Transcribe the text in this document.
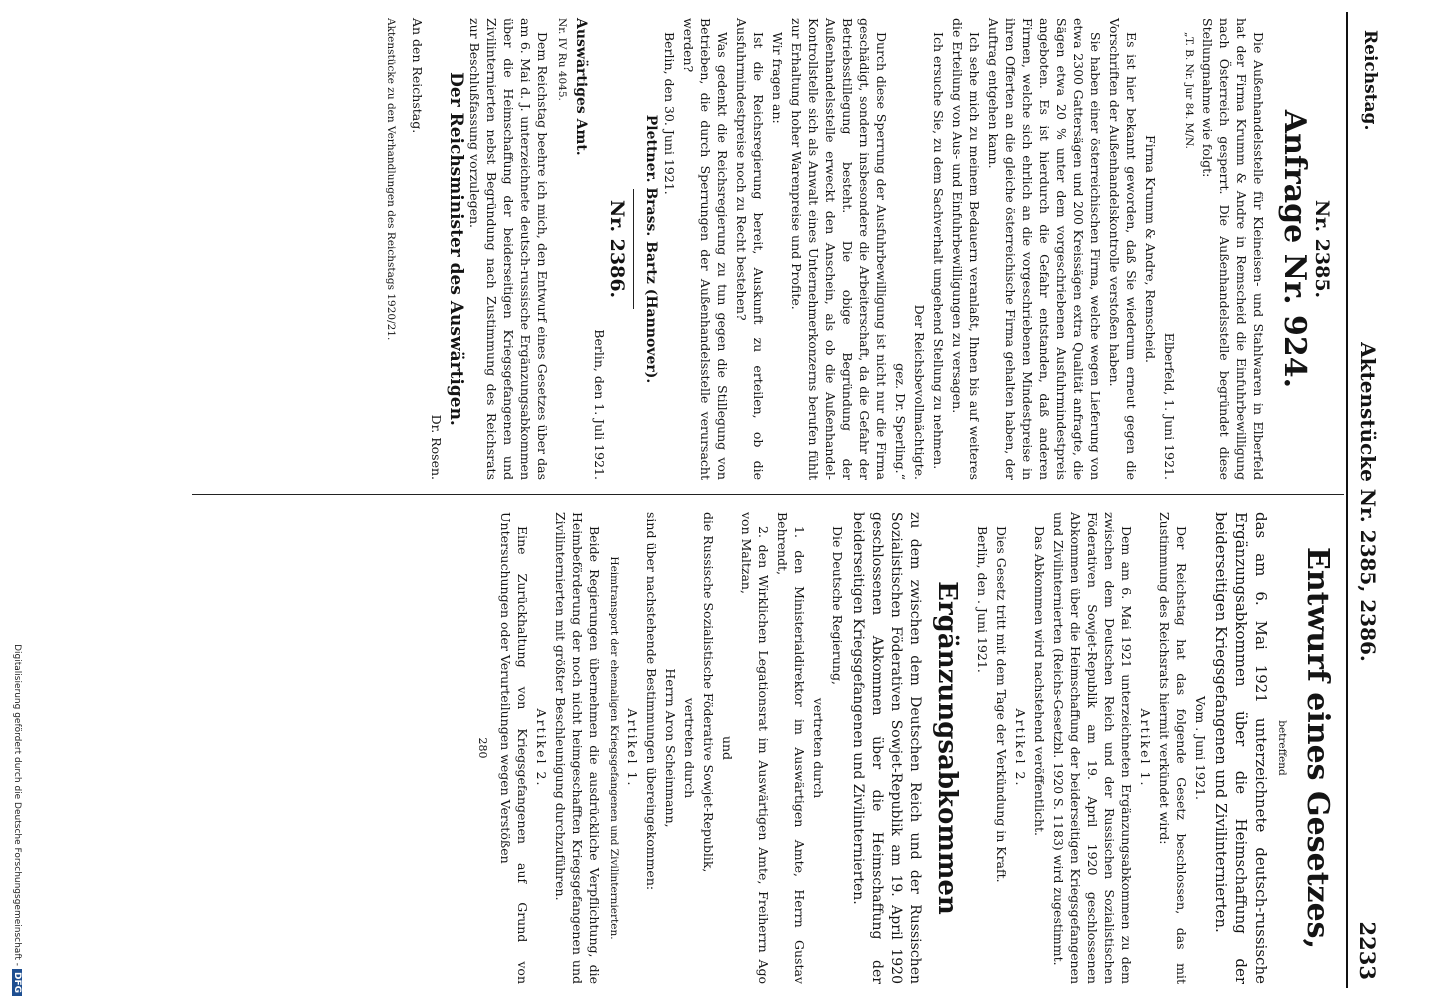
Reichstag.
Aktenstücke Nr. 2385, 2386.
2233

Nr. 2385.

Anfrage Nr. 924.

Die Außenhandelsstelle für Kleineisen- und Stahlwaren in Elberfeld hat der Firma Krumm & Andre in Remscheid die Einfuhrbewilligung nach Österreich gesperrt. Die Außenhandelsstelle begründet diese Stellungnahme wie folgt:

„T. B. Nr. Jur 84. M/N.

Elberfeld, 1. Juni 1921.

Firma Krumm & Andre, Remscheid.

Es ist hier bekannt geworden, daß Sie wiederum erneut gegen die Vorschriften der Außenhandelskontrolle verstoßen haben.

Sie haben einer österreichischen Firma, welche wegen Lieferung von etwa 2300 Gattersägen und 200 Kreissägen extra Qualität anfragte, die Sägen etwa 20 % unter dem vorgeschriebenen Ausfuhrmindestpreis angeboten. Es ist hierdurch die Gefahr entstanden, daß anderen Firmen, welche sich ehrlich an die vorgeschriebenen Mindestpreise in ihren Offerten an die gleiche österreichische Firma gehalten haben, der Auftrag entgehen kann.

Ich sehe mich zu meinem Bedauern veranlaßt, Ihnen bis auf weiteres die Erteilung von Aus- und Einfuhrbewilligungen zu versagen.

Ich ersuche Sie, zu dem Sachverhalt umgehend Stellung zu nehmen.

Der Reichsbevollmächtigte.

gez. Dr. Sperling.“

Durch diese Sperrung der Ausfuhrbewilligung ist nicht nur die Firma geschädigt, sondern insbesondere die Arbeiterschaft, da die Gefahr der Betriebsstillegung besteht. Die obige Begründung der Außenhandelsstelle erweckt den Anschein, als ob die Außenhandel-Kontrollstelle sich als Anwalt eines Unternehmerkonzerns berufen fühlt zur Erhaltung hoher Warenpreise und Profite.

Wir fragen an:

Ist die Reichsregierung bereit, Auskunft zu erteilen, ob die Ausfuhrmindestpreise noch zu Recht bestehen?

Was gedenkt die Reichsregierung zu tun gegen die Stillegung von Betrieben, die durch Sperrungen der Außenhandelsstelle verursacht werden?

Berlin, den 30. Juni 1921.

Plettner. Brass. Bartz (Hannover).

Nr. 2386.

Berlin, den 1. Juli 1921.

Auswärtiges Amt.

Nr. IV Ru 4045.

Dem Reichstag beehre ich mich, den Entwurf eines Gesetzes über das am 6. Mai d. J. unterzeichnete deutsch-russische Ergänzungsabkommen über die Heimschaffung der beiderseitigen Kriegsgefangenen und Zivilinternierten nebst Begründung nach Zustimmung des Reichsrats zur Beschlußfassung vorzulegen.

Der Reichsminister des Auswärtigen.

Dr. Rosen.

An den Reichstag.

Aktenstücke zu den Verhandlungen des Reichstags 1920/21.

Entwurf eines Gesetzes,

betreffend

das am 6. Mai 1921 unterzeichnete deutsch-russische Ergänzungsabkommen über die Heimschaffung der beiderseitigen Kriegsgefangenen und Zivilinternierten.

Vom . Juni 1921.

Der Reichstag hat das folgende Gesetz beschlossen, das mit Zustimmung des Reichsrats hiermit verkündet wird:

Artikel 1.

Dem am 6. Mai 1921 unterzeichneten Ergänzungsabkommen zu dem zwischen dem Deutschen Reich und der Russischen Sozialistischen Föderativen Sowjet-Republik am 19. April 1920 geschlossenen Abkommen über die Heimschaffung der beiderseitigen Kriegsgefangenen und Zivilinternierten (Reichs-Gesetzbl. 1920 S. 1183) wird zugestimmt.

Das Abkommen wird nachstehend veröffentlicht.

Artikel 2.

Dies Gesetz tritt mit dem Tage der Verkündung in Kraft.

Berlin, den . Juni 1921.

Ergänzungsabkommen

zu dem zwischen dem Deutschen Reich und der Russischen Sozialistischen Föderativen Sowjet-Republik am 19. April 1920 geschlossenen Abkommen über die Heimschaffung der beiderseitigen Kriegsgefangenen und Zivilinternierten.

Die Deutsche Regierung,

vertreten durch

1. den Ministerialdirektor im Auswärtigen Amte, Herrn Gustav Behrendt,

2. den Wirklichen Legationsrat im Auswärtigen Amte, Freiherrn Ago von Maltzan,

und

die Russische Sozialistische Föderative Sowjet-Republik,

vertreten durch

Herrn Aron Scheinmann,

sind über nachstehende Bestimmungen übereingekommen:

Artikel 1.

Heimtransport der ehemaligen Kriegsgefangenen und Zivilinternierten.

Beide Regierungen übernehmen die ausdrückliche Verpflichtung, die Heimbeförderung der noch nicht heimgeschafften Kriegsgefangenen und Zivilinternierten mit größter Beschleunigung durchzuführen.

Artikel 2.

Eine Zurückhaltung von Kriegsgefangenen auf Grund von Untersuchungen oder Verurteilungen wegen Verstößen

280

Digitalisierung gefördert durch die Deutsche Forschungsgemeinschaft -DFG
